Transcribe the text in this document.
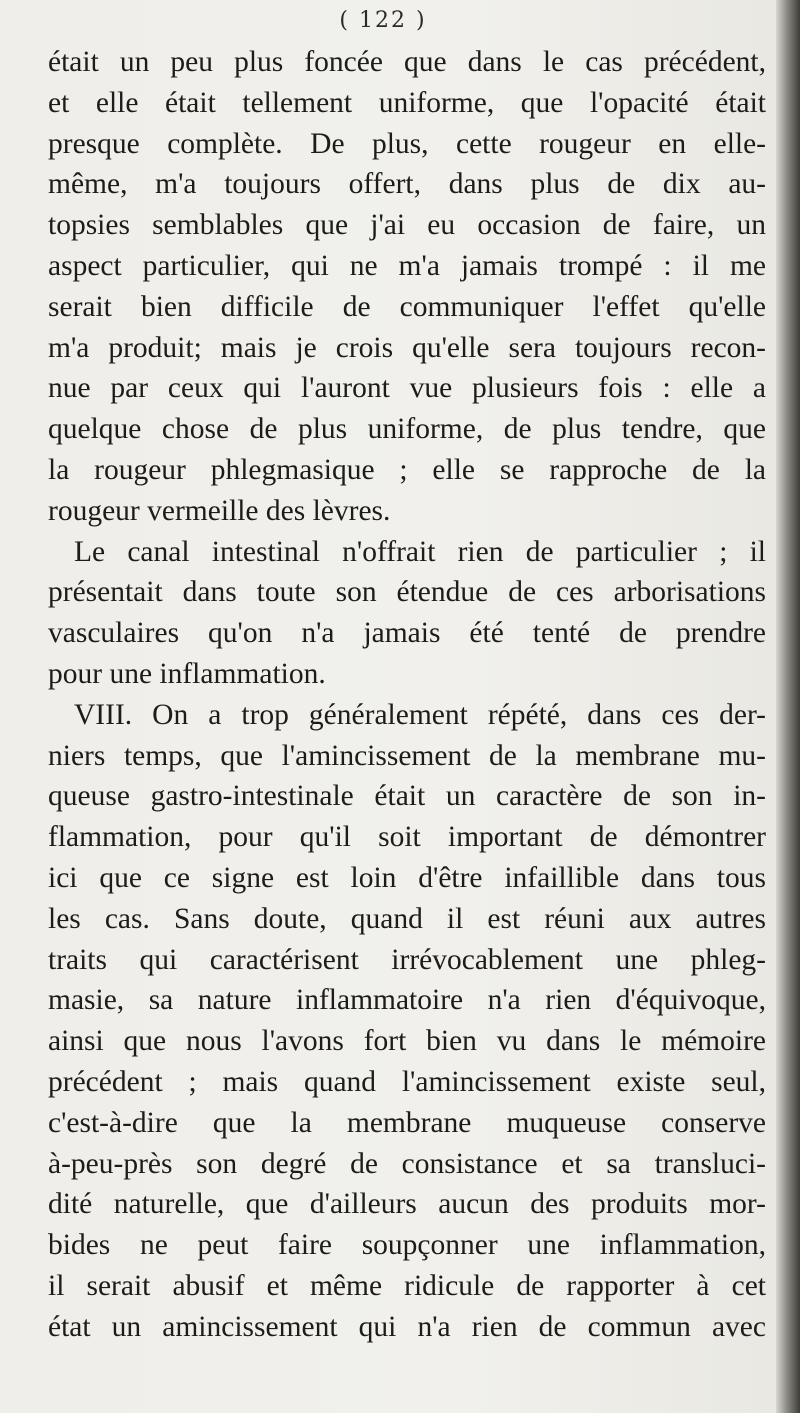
( 122 )
était un peu plus foncée que dans le cas précédent,
et elle était tellement uniforme, que l'opacité était
presque complète. De plus, cette rougeur en elle-
même, m'a toujours offert, dans plus de dix au-
topsies semblables que j'ai eu occasion de faire, un
aspect particulier, qui ne m'a jamais trompé : il me
serait bien difficile de communiquer l'effet qu'elle
m'a produit; mais je crois qu'elle sera toujours recon-
nue par ceux qui l'auront vue plusieurs fois : elle a
quelque chose de plus uniforme, de plus tendre, que
la rougeur phlegmasique ; elle se rapproche de la
rougeur vermeille des lèvres.
Le canal intestinal n'offrait rien de particulier ; il
présentait dans toute son étendue de ces arborisations
vasculaires qu'on n'a jamais été tenté de prendre
pour une inflammation.
VIII. On a trop généralement répété, dans ces der-
niers temps, que l'amincissement de la membrane mu-
queuse gastro-intestinale était un caractère de son in-
flammation, pour qu'il soit important de démontrer
ici que ce signe est loin d'être infaillible dans tous
les cas. Sans doute, quand il est réuni aux autres
traits qui caractérisent irrévocablement une phleg-
masie, sa nature inflammatoire n'a rien d'équivoque,
ainsi que nous l'avons fort bien vu dans le mémoire
précédent ; mais quand l'amincissement existe seul,
c'est-à-dire que la membrane muqueuse conserve
à-peu-près son degré de consistance et sa transluci-
dité naturelle, que d'ailleurs aucun des produits mor-
bides ne peut faire soupçonner une inflammation,
il serait abusif et même ridicule de rapporter à cet
état un amincissement qui n'a rien de commun avec
